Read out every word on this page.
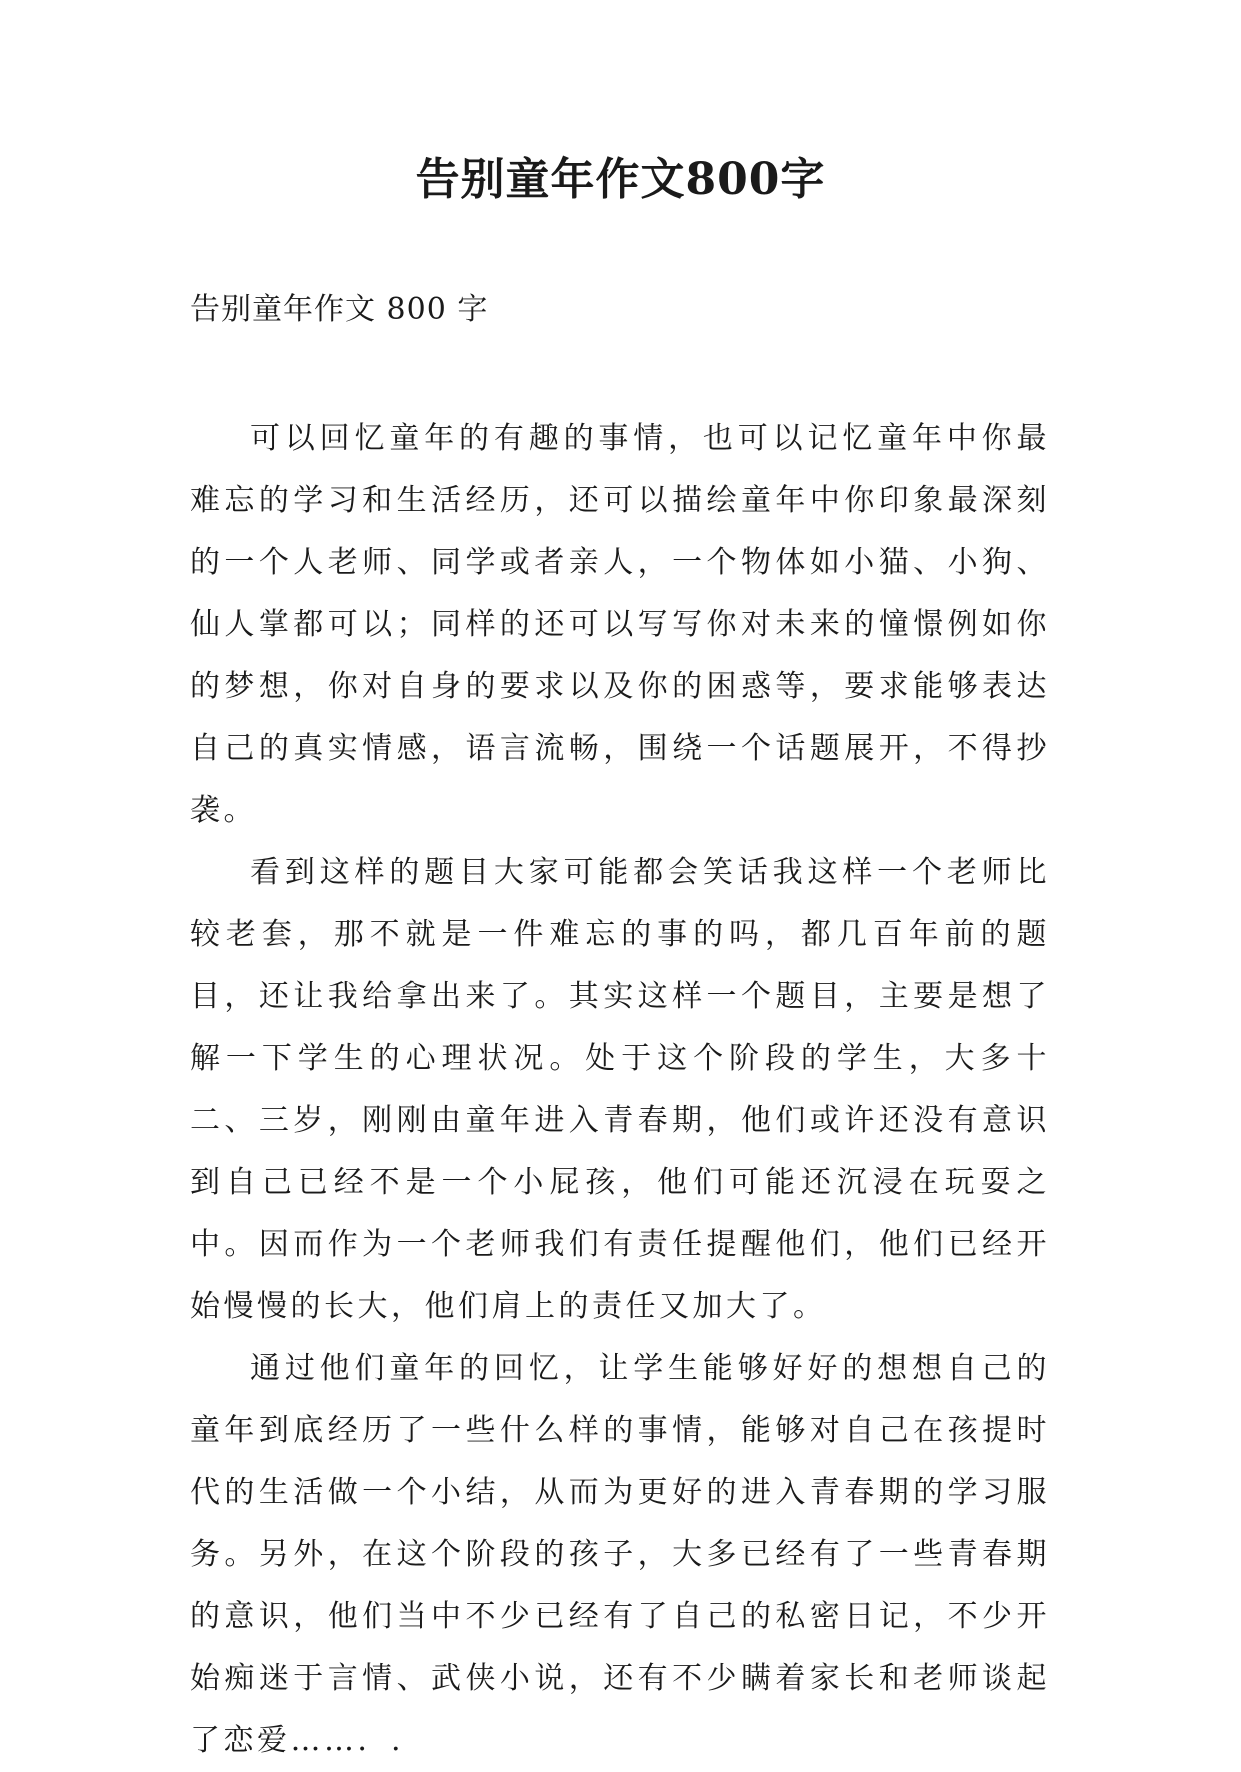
告别童年作文800字

告别童年作文 800 字

可以回忆童年的有趣的事情，也可以记忆童年中你最难忘的学习和生活经历，还可以描绘童年中你印象最深刻的一个人老师、同学或者亲人，一个物体如小猫、小狗、仙人掌都可以；同样的还可以写写你对未来的憧憬例如你的梦想，你对自身的要求以及你的困惑等，要求能够表达自己的真实情感，语言流畅，围绕一个话题展开，不得抄袭。

看到这样的题目大家可能都会笑话我这样一个老师比较老套，那不就是一件难忘的事的吗，都几百年前的题目，还让我给拿出来了。其实这样一个题目，主要是想了解一下学生的心理状况。处于这个阶段的学生，大多十二、三岁，刚刚由童年进入青春期，他们或许还没有意识到自己已经不是一个小屁孩，他们可能还沉浸在玩耍之中。因而作为一个老师我们有责任提醒他们，他们已经开始慢慢的长大，他们肩上的责任又加大了。

通过他们童年的回忆，让学生能够好好的想想自己的童年到底经历了一些什么样的事情，能够对自己在孩提时代的生活做一个小结，从而为更好的进入青春期的学习服务。另外，在这个阶段的孩子，大多已经有了一些青春期的意识，他们当中不少已经有了自己的私密日记，不少开始痴迷于言情、武侠小说，还有不少瞒着家长和老师谈起了恋爱……．.
